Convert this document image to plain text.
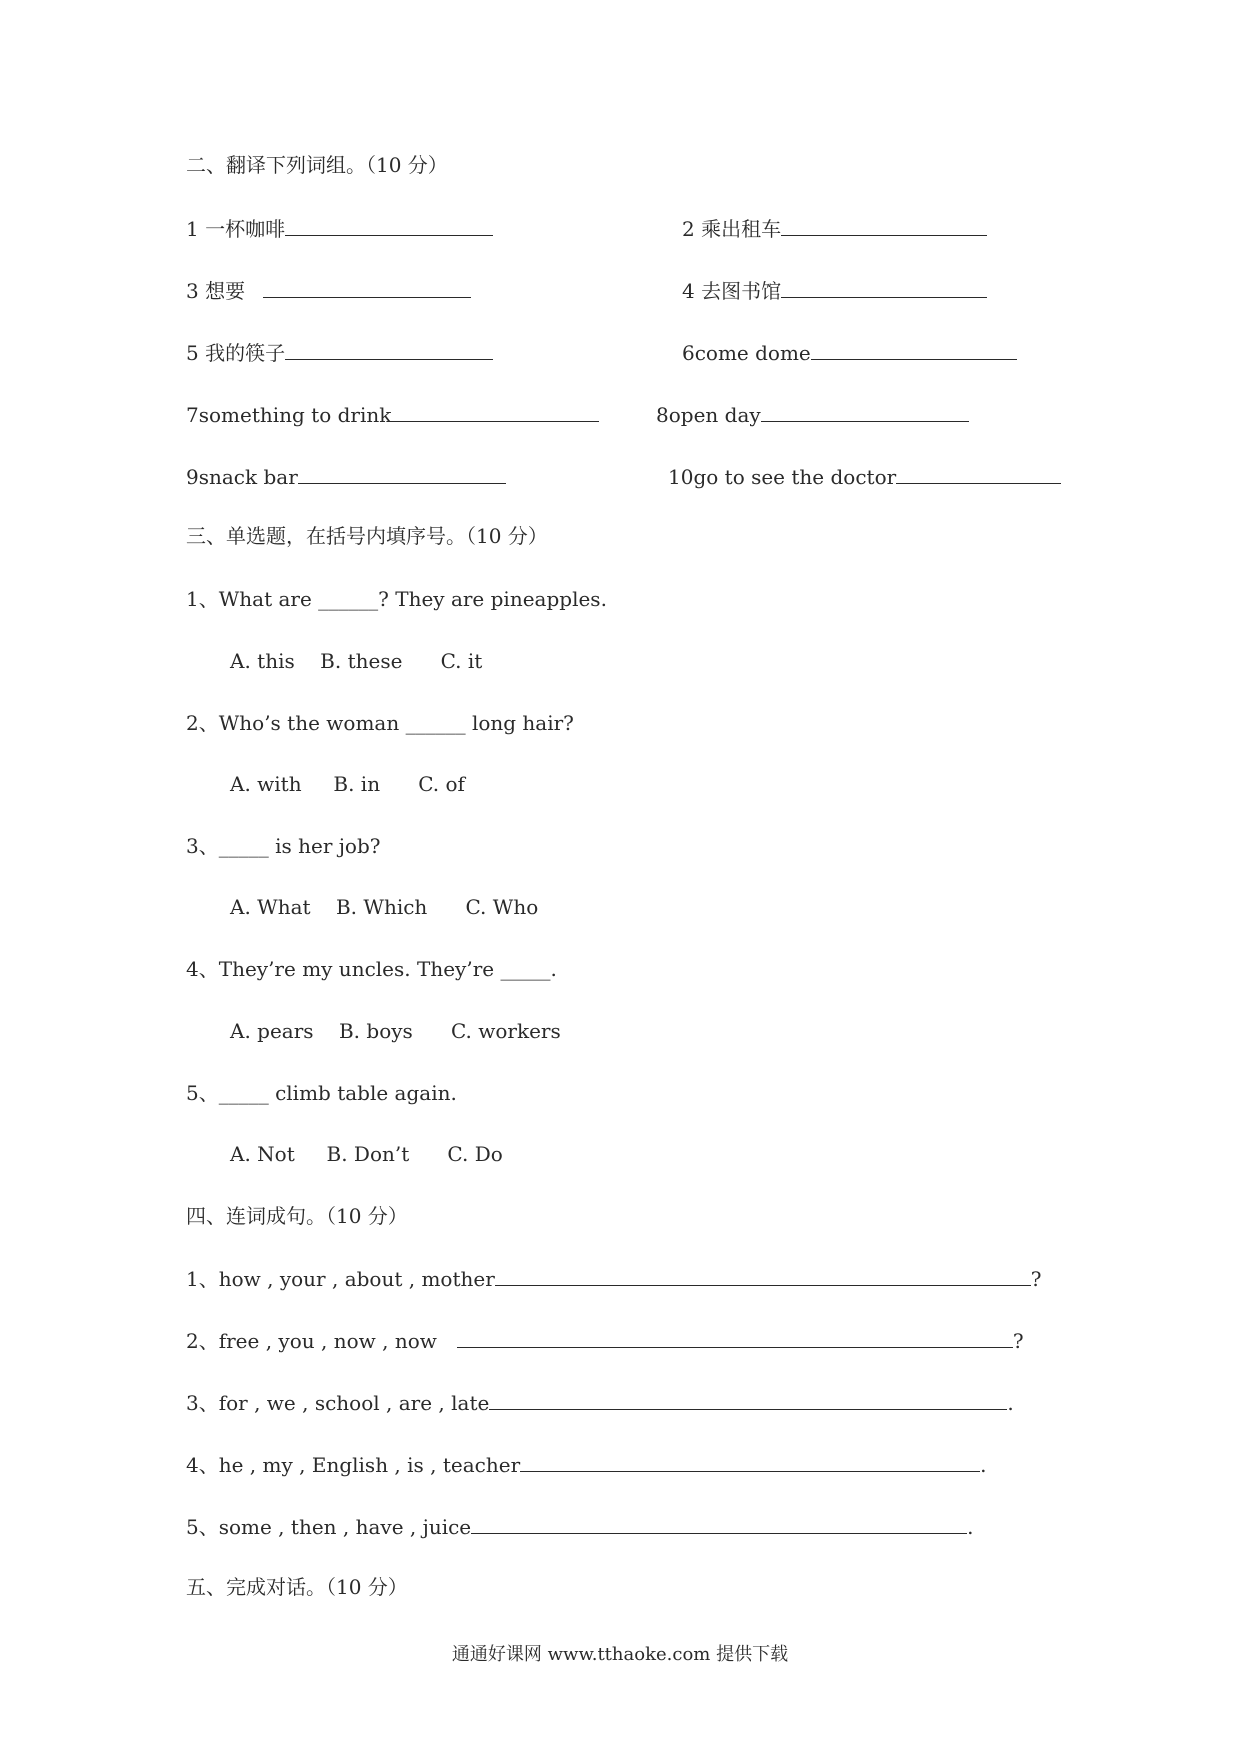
二、翻译下列词组。（10 分）
1 一杯咖啡	2 乘出租车
3 想要	4 去图书馆
5 我的筷子	6come dome
7something to drink	8open day
9snack bar	10go to see the doctor
三、单选题，在括号内填序号。（10 分）
1、What are ______? They are pineapples.
A. this    B. these      C. it
2、Who’s the woman ______ long hair?
A. with     B. in      C. of
3、_____ is her job?
A. What    B. Which      C. Who
4、They’re my uncles. They’re _____.
A. pears    B. boys      C. workers
5、_____ climb table again.
A. Not     B. Don’t      C. Do
四、连词成句。（10 分）
1、how , your , about , mother	?
2、free , you , now , now	?
3、for , we , school , are , late	.
4、he , my , English , is , teacher	.
5、some , then , have , juice	.
五、完成对话。（10 分）
通通好课网 www.tthaoke.com 提供下载
